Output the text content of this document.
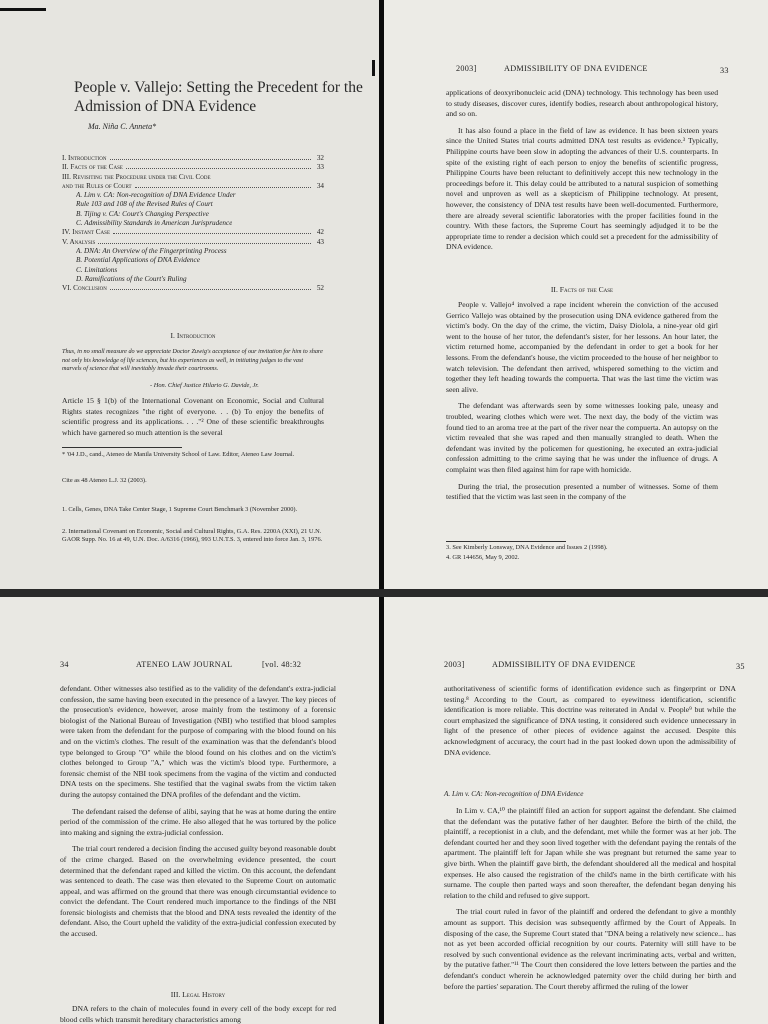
People v. Vallejo: Setting the Precedent for the Admission of DNA Evidence
Ma. Niña C. Anneta*
I. Introduction	32
II. Facts of the Case	33
III. Revisiting the Procedure under the Civil Code
and the Rules of Court	34
A. Lim v. CA: Non-recognition of DNA Evidence Under
Rule 103 and 108 of the Revised Rules of Court
B. Tijing v. CA: Court's Changing Perspective
C. Admissibility Standards in American Jurisprudence
IV. Instant Case	42
V. Analysis	43
A. DNA: An Overview of the Fingerprinting Process
B. Potential Applications of DNA Evidence
C. Limitations
D. Ramifications of the Court's Ruling
VI. Conclusion	52
I. Introduction
Thus, in no small measure do we appreciate Doctor Zuwig's acceptance of our invitation for him to share not only his knowledge of life sciences, but his experiences as well, in initiating judges to the vast marvels of science that will inevitably invade their courtrooms.
- Hon. Chief Justice Hilario G. Davide, Jr.
Article 15 § 1(b) of the International Covenant on Economic, Social and Cultural Rights states recognizes "the right of everyone. . . (b) To enjoy the benefits of scientific progress and its applications. . . ."² One of these scientific breakthroughs which have garnered so much attention is the several
* '04 J.D., cand., Ateneo de Manila University School of Law. Editor, Ateneo Law Journal.
Cite as 48 Ateneo L.J. 32 (2003).
1. Cells, Genes, DNA Take Center Stage, 1 Supreme Court Benchmark 3 (November 2000).
2. International Covenant on Economic, Social and Cultural Rights, G.A. Res. 2200A (XXI), 21 U.N. GAOR Supp. No. 16 at 49, U.N. Doc. A/6316 (1966), 993 U.N.T.S. 3, entered into force Jan. 3, 1976.
2003]	ADMISSIBILITY OF DNA EVIDENCE	33

applications of deoxyribonucleic acid (DNA) technology. This technology has been used to study diseases, discover cures, identify bodies, research about anthropological history, and so on.

It has also found a place in the field of law as evidence. It has been sixteen years since the United States trial courts admitted DNA test results as evidence.³ Typically, Philippine courts have been slow in adopting the advances of their U.S. counterparts. In spite of the existing right of each person to enjoy the benefits of scientific progress, Philippine Courts have been reluctant to definitively accept this new technology in the proceedings before it. This delay could be attributed to a natural suspicion of something novel and unproven as well as a skepticism of Philippine technology. At present, however, the consistency of DNA test results have been well-documented. Furthermore, there are already several scientific laboratories with the proper facilities found in the country. With these factors, the Supreme Court has seemingly adjudged it to be the appropriate time to render a decision which could set a precedent for the admissibility of DNA evidence.

II. Facts of the Case

People v. Vallejo⁴ involved a rape incident wherein the conviction of the accused Gerrico Vallejo was obtained by the prosecution using DNA evidence gathered from the victim's body. On the day of the crime, the victim, Daisy Diolola, a nine-year old girl went to the house of her tutor, the defendant's sister, for her lessons. An hour later, the victim returned home, accompanied by the defendant in order to get a book for her lessons. From the defendant's house, the victim proceeded to the house of her neighbor to watch television. The defendant then arrived, whispered something to the victim and together they left heading towards the compuerta. That was the last time the victim was seen alive.

The defendant was afterwards seen by some witnesses looking pale, uneasy and troubled, wearing clothes which were wet. The next day, the body of the victim was found tied to an aroma tree at the part of the river near the compuerta. An autopsy on the victim revealed that she was raped and then manually strangled to death. When the defendant was invited by the policemen for questioning, he executed an extra-judicial confession admitting to the crime saying that he was under the influence of drugs. A complaint was then filed against him for rape with homicide.

During the trial, the prosecution presented a number of witnesses. Some of them testified that the victim was last seen in the company of the

3. See Kimberly Lonsway, DNA Evidence and Issues 2 (1998).
4. GR 144656, May 9, 2002.
34	ATENEO LAW JOURNAL	[vol. 48:32

defendant. Other witnesses also testified as to the validity of the defendant's extra-judicial confession, the same having been executed in the presence of a lawyer. The key pieces of the prosecution's evidence, however, arose mainly from the testimony of a forensic biologist of the National Bureau of Investigation (NBI) who testified that blood samples were taken from the defendant for the purpose of comparing with the blood found on his and on the victim's clothes. The result of the examination was that the defendant's blood type belonged to Group "O" while the blood found on his clothes and on the victim's clothes belonged to Group "A," which was the victim's blood type. Furthermore, a forensic chemist of the NBI took specimens from the vagina of the victim and conducted DNA tests on the specimens. She testified that the vaginal swabs from the victim taken during the autopsy contained the DNA profiles of the defendant and the victim.

The defendant raised the defense of alibi, saying that he was at home during the entire period of the commission of the crime. He also alleged that he was tortured by the police into making and signing the extra-judicial confession.

The trial court rendered a decision finding the accused guilty beyond reasonable doubt of the crime charged. Based on the overwhelming evidence presented, the court determined that the defendant raped and killed the victim. On this account, the defendant was sentenced to death. The case was then elevated to the Supreme Court on automatic appeal, and was affirmed on the ground that there was enough circumstantial evidence to convict the defendant. The Court rendered much importance to the findings of the NBI forensic biologists and chemists that the blood and DNA tests revealed the identity of the defendant. Also, the Court upheld the validity of the extra-judicial confession executed by the accused.

III. Legal History

DNA refers to the chain of molecules found in every cell of the body except for red blood cells which transmit hereditary characteristics among

2003]	ADMISSIBILITY OF DNA EVIDENCE	35

authoritativeness of scientific forms of identification evidence such as fingerprint or DNA testing.⁸ According to the Court, as compared to eyewitness identification, scientific identification is more reliable. This doctrine was reiterated in Andal v. People⁹ but while the court emphasized the significance of DNA testing, it considered such evidence unnecessary in light of the presence of other pieces of evidence against the accused. Despite this acknowledgment of accuracy, the court had in the past looked down upon the admissibility of DNA evidence.

A. Lim v. CA: Non-recognition of DNA Evidence

In Lim v. CA,¹⁰ the plaintiff filed an action for support against the defendant. She claimed that the defendant was the putative father of her daughter. Before the birth of the child, the plaintiff, a receptionist in a club, and the defendant, met while the former was at her job. The defendant courted her and they soon lived together with the defendant paying the rentals of the apartment. The plaintiff left for Japan while she was pregnant but returned the same year to give birth. When the plaintiff gave birth, the defendant shouldered all the medical and hospital expenses. He also caused the registration of the child's name in the birth certificate with his surname. The couple then parted ways and soon thereafter, the defendant began denying his relation to the child and refused to give support.

The trial court ruled in favor of the plaintiff and ordered the defendant to give a monthly amount as support. This decision was subsequently affirmed by the Court of Appeals. In disposing of the case, the Supreme Court stated that "DNA being a relatively new science... has not as yet been accorded official recognition by our courts. Paternity will still have to be resolved by such conventional evidence as the relevant incriminating acts, verbal and written, by the putative father."¹¹ The Court then considered the love letters between the parties and the defendant's conduct wherein he acknowledged paternity over the child during her birth and before the parties' separation. The Court thereby affirmed the ruling of the lower
